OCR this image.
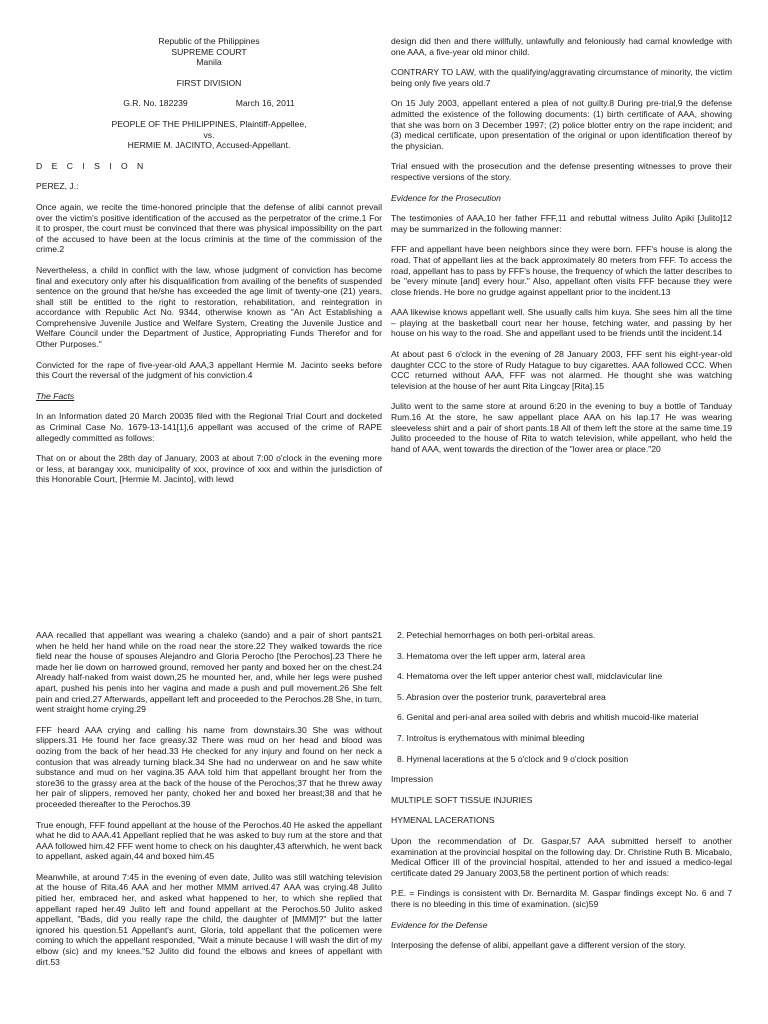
Republic of the Philippines

SUPREME COURT

Manila

FIRST DIVISION

G.R. No. 182239	March 16, 2011

PEOPLE OF THE PHILIPPINES, Plaintiff-Appellee,

vs.

HERMIE M. JACINTO, Accused-Appellant.

D E C I S I O N

PEREZ, J.:

Once again, we recite the time-honored principle that the defense of alibi cannot prevail over the victim's positive identification of the accused as the perpetrator of the crime.1 For it to prosper, the court must be convinced that there was physical impossibility on the part of the accused to have been at the locus criminis at the time of the commission of the crime.2

Nevertheless, a child in conflict with the law, whose judgment of conviction has become final and executory only after his disqualification from availing of the benefits of suspended sentence on the ground that he/she has exceeded the age limit of twenty-one (21) years, shall still be entitled to the right to restoration, rehabilitation, and reintegration in accordance with Republic Act No. 9344, otherwise known as "An Act Establishing a Comprehensive Juvenile Justice and Welfare System, Creating the Juvenile Justice and Welfare Council under the Department of Justice, Appropriating Funds Therefor and for Other Purposes."

Convicted for the rape of five-year-old AAA,3 appellant Hermie M. Jacinto seeks before this Court the reversal of the judgment of his conviction.4

The Facts

In an Information dated 20 March 20035 filed with the Regional Trial Court and docketed as Criminal Case No. 1679-13-141[1],6 appellant was accused of the crime of RAPE allegedly committed as follows:

That on or about the 28th day of January, 2003 at about 7:00 o'clock in the evening more or less, at barangay xxx, municipality of xxx, province of xxx and within the jurisdiction of this Honorable Court, [Hermie M. Jacinto], with lewd

design did then and there willfully, unlawfully and feloniously had carnal knowledge with one AAA, a five-year old minor child.

CONTRARY TO LAW, with the qualifying/aggravating circumstance of minority, the victim being only five years old.7

On 15 July 2003, appellant entered a plea of not guilty.8 During pre-trial,9 the defense admitted the existence of the following documents: (1) birth certificate of AAA, showing that she was born on 3 December 1997; (2) police blotter entry on the rape incident; and (3) medical certificate, upon presentation of the original or upon identification thereof by the physician.

Trial ensued with the prosecution and the defense presenting witnesses to prove their respective versions of the story.

Evidence for the Prosecution

The testimonies of AAA,10 her father FFF,11 and rebuttal witness Julito Apiki [Julito]12 may be summarized in the following manner:

FFF and appellant have been neighbors since they were born. FFF's house is along the road. That of appellant lies at the back approximately 80 meters from FFF. To access the road, appellant has to pass by FFF's house, the frequency of which the latter describes to be "every minute [and] every hour." Also, appellant often visits FFF because they were close friends. He bore no grudge against appellant prior to the incident.13

AAA likewise knows appellant well. She usually calls him kuya. She sees him all the time – playing at the basketball court near her house, fetching water, and passing by her house on his way to the road. She and appellant used to be friends until the incident.14

At about past 6 o'clock in the evening of 28 January 2003, FFF sent his eight-year-old daughter CCC to the store of Rudy Hatague to buy cigarettes. AAA followed CCC. When CCC returned without AAA, FFF was not alarmed. He thought she was watching television at the house of her aunt Rita Lingcay [Rita].15

Julito went to the same store at around 6:20 in the evening to buy a bottle of Tanduay Rum.16 At the store, he saw appellant place AAA on his lap.17 He was wearing sleeveless shirt and a pair of short pants.18 All of them left the store at the same time.19 Julito proceeded to the house of Rita to watch television, while appellant, who held the hand of AAA, went towards the direction of the "lower area or place."20

AAA recalled that appellant was wearing a chaleko (sando) and a pair of short pants21 when he held her hand while on the road near the store.22 They walked towards the rice field near the house of spouses Alejandro and Gloria Perocho [the Perochos].23 There he made her lie down on harrowed ground, removed her panty and boxed her on the chest.24 Already half-naked from waist down,25 he mounted her, and, while her legs were pushed apart, pushed his penis into her vagina and made a push and pull movement.26 She felt pain and cried.27 Afterwards, appellant left and proceeded to the Perochos.28 She, in turn, went straight home crying.29

FFF heard AAA crying and calling his name from downstairs.30 She was without slippers.31 He found her face greasy.32 There was mud on her head and blood was oozing from the back of her head.33 He checked for any injury and found on her neck a contusion that was already turning black.34 She had no underwear on and he saw white substance and mud on her vagina.35 AAA told him that appellant brought her from the store36 to the grassy area at the back of the house of the Perochos;37 that he threw away her pair of slippers, removed her panty, choked her and boxed her breast;38 and that he proceeded thereafter to the Perochos.39

True enough, FFF found appellant at the house of the Perochos.40 He asked the appellant what he did to AAA.41 Appellant replied that he was asked to buy rum at the store and that AAA followed him.42 FFF went home to check on his daughter,43 afterwhich, he went back to appellant, asked again,44 and boxed him.45

Meanwhile, at around 7:45 in the evening of even date, Julito was still watching television at the house of Rita.46 AAA and her mother MMM arrived.47 AAA was crying.48 Julito pitied her, embraced her, and asked what happened to her, to which she replied that appellant raped her.49 Julito left and found appellant at the Perochos.50 Julito asked appellant, "Bads, did you really rape the child, the daughter of [MMM]?" but the latter ignored his question.51 Appellant's aunt, Gloria, told appellant that the policemen were coming to which the appellant responded, "Wait a minute because I will wash the dirt of my elbow (sic) and my knees."52 Julito did found the elbows and knees of appellant with dirt.53

2. Petechial hemorrhages on both peri-orbital areas.

3. Hematoma over the left upper arm, lateral area

4. Hematoma over the left upper anterior chest wall, midclavicular line

5. Abrasion over the posterior trunk, paravertebral area

6. Genital and peri-anal area soiled with debris and whitish mucoid-like material

7. Introitus is erythematous with minimal bleeding

8. Hymenal lacerations at the 5 o'clock and 9 o'clock position

Impression

MULTIPLE SOFT TISSUE INJURIES

HYMENAL LACERATIONS

Upon the recommendation of Dr. Gaspar,57 AAA submitted herself to another examination at the provincial hospital on the following day. Dr. Christine Ruth B. Micabalo, Medical Officer III of the provincial hospital, attended to her and issued a medico-legal certificate dated 29 January 2003,58 the pertinent portion of which reads:

P.E. = Findings is consistent with Dr. Bernardita M. Gaspar findings except No. 6 and 7 there is no bleeding in this time of examination. (sic)59

Evidence for the Defense

Interposing the defense of alibi, appellant gave a different version of the story.
